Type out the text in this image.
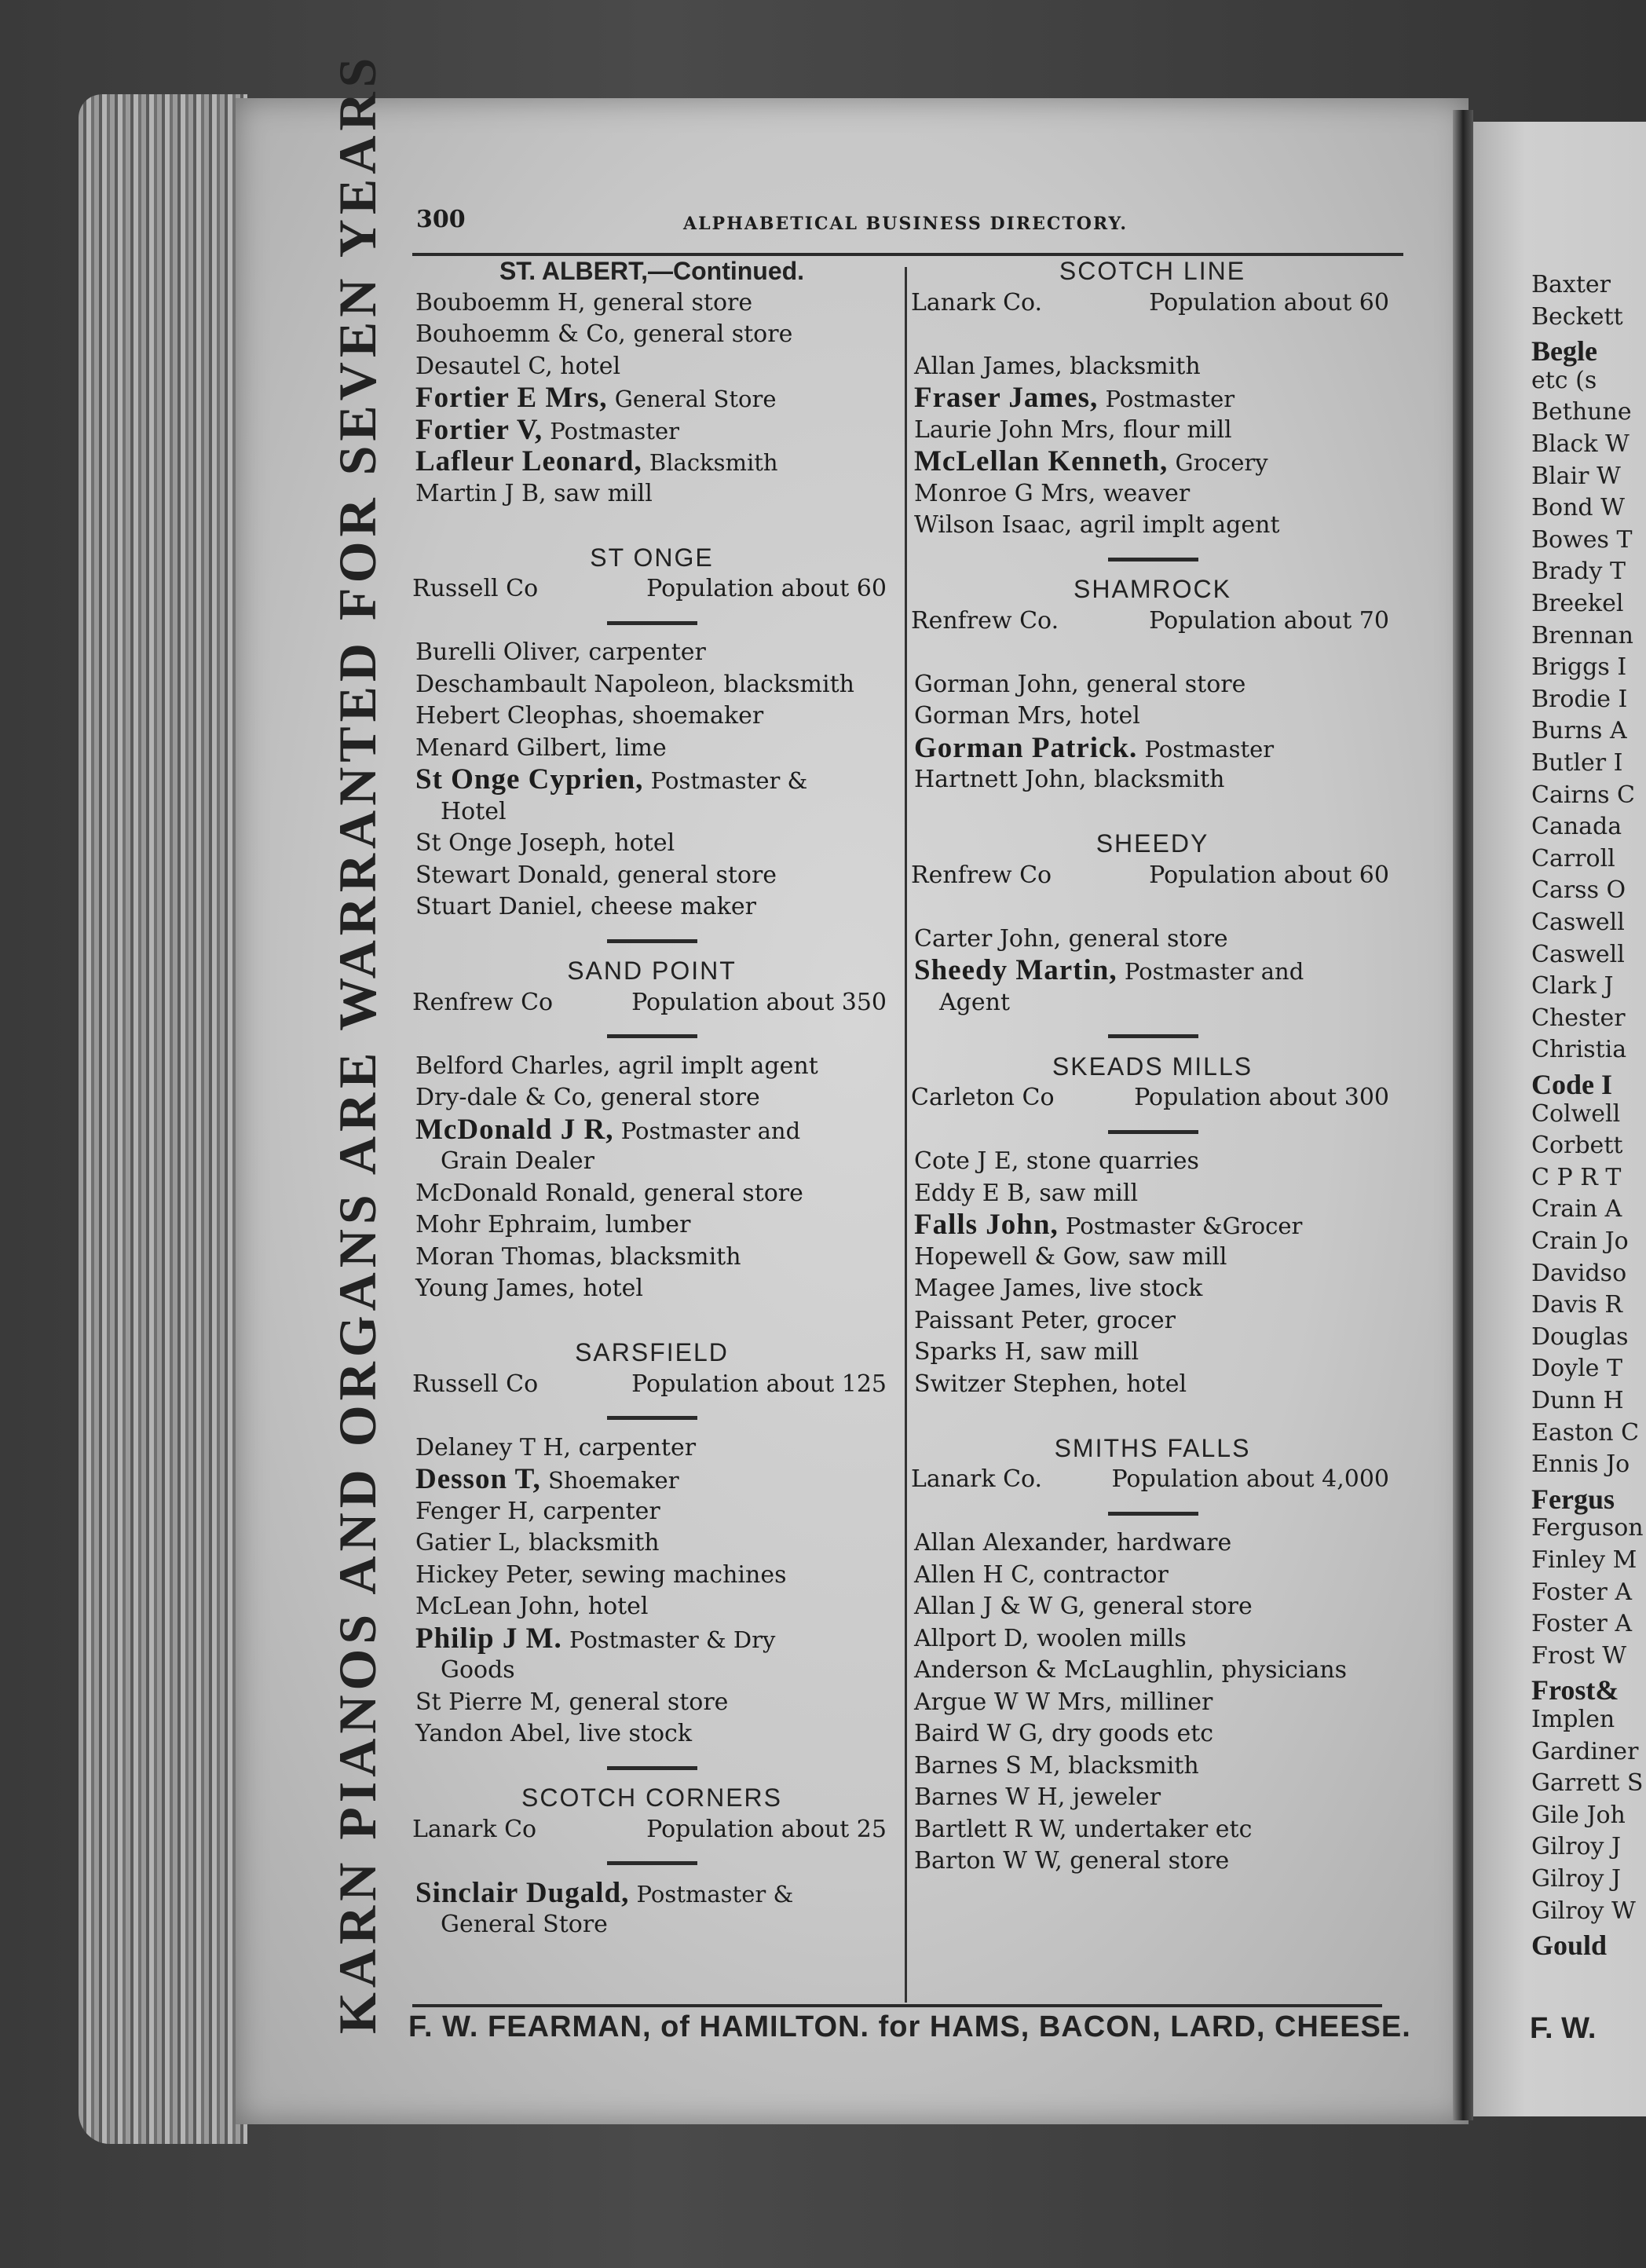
KARN PIANOS AND ORGANS ARE WARRANTED FOR SEVEN YEARS 300	ALPHABETICAL BUSINESS DIRECTORY.
ST. ALBERT,—Continued.
Bouboemm H, general store
Bouhoemm & Co, general store
Desautel C, hotel
Fortier E Mrs, General Store
Fortier V, Postmaster
Lafleur Leonard, Blacksmith
Martin J B, saw mill
ST ONGE
Russell Co	Population about 60
Burelli Oliver, carpenter
Deschambault Napoleon, blacksmith
Hebert Cleophas, shoemaker
Menard Gilbert, lime
St Onge Cyprien, Postmaster &
Hotel
St Onge Joseph, hotel
Stewart Donald, general store
Stuart Daniel, cheese maker
SAND POINT
Renfrew Co	Population about 350
Belford Charles, agril implt agent
Dry-dale & Co, general store
McDonald J R, Postmaster and
Grain Dealer
McDonald Ronald, general store
Mohr Ephraim, lumber
Moran Thomas, blacksmith
Young James, hotel
SARSFIELD
Russell Co	Population about 125
Delaney T H, carpenter
Desson T, Shoemaker
Fenger H, carpenter
Gatier L, blacksmith
Hickey Peter, sewing machines
McLean John, hotel
Philip J M. Postmaster & Dry
Goods
St Pierre M, general store
Yandon Abel, live stock
SCOTCH CORNERS
Lanark Co	Population about 25
Sinclair Dugald, Postmaster &
General Store
SCOTCH LINE
Lanark Co.	Population about 60
Allan James, blacksmith
Fraser James, Postmaster
Laurie John Mrs, flour mill
McLellan Kenneth, Grocery
Monroe G Mrs, weaver
Wilson Isaac, agril implt agent
SHAMROCK
Renfrew Co.	Population about 70
Gorman John, general store
Gorman Mrs, hotel
Gorman Patrick. Postmaster
Hartnett John, blacksmith
SHEEDY
Renfrew Co	Population about 60
Carter John, general store
Sheedy Martin, Postmaster and
Agent
SKEADS MILLS
Carleton Co	Population about 300
Cote J E, stone quarries
Eddy E B, saw mill
Falls John, Postmaster &Grocer
Hopewell & Gow, saw mill
Magee James, live stock
Paissant Peter, grocer
Sparks H, saw mill
Switzer Stephen, hotel
SMITHS FALLS
Lanark Co.	Population about 4,000
Allan Alexander, hardware
Allen H C, contractor
Allan J & W G, general store
Allport D, woolen mills
Anderson & McLaughlin, physicians
Argue W W Mrs, milliner
Baird W G, dry goods etc
Barnes S M, blacksmith
Barnes W H, jeweler
Bartlett R W, undertaker etc
Barton W W, general store
F. W. FEARMAN, of HAMILTON. for HAMS, BACON, LARD, CHEESE.
Baxter
Beckett
Begle
etc (s
Bethune
Black W
Blair W
Bond W
Bowes T
Brady T
Breekel
Brennan
Briggs I
Brodie I
Burns A
Butler I
Cairns C
Canada
Carroll
Carss O
Caswell
Caswell
Clark J
Chester
Christia
Code I
Colwell
Corbett
C P R T
Crain A
Crain Jo
Davidso
Davis R
Douglas
Doyle T
Dunn H
Easton C
Ennis Jo
Fergus
Ferguson
Finley M
Foster A
Foster A
Frost W
Frost&
Implen
Gardiner
Garrett S
Gile Joh
Gilroy J
Gilroy J
Gilroy W
Gould
F. W.
